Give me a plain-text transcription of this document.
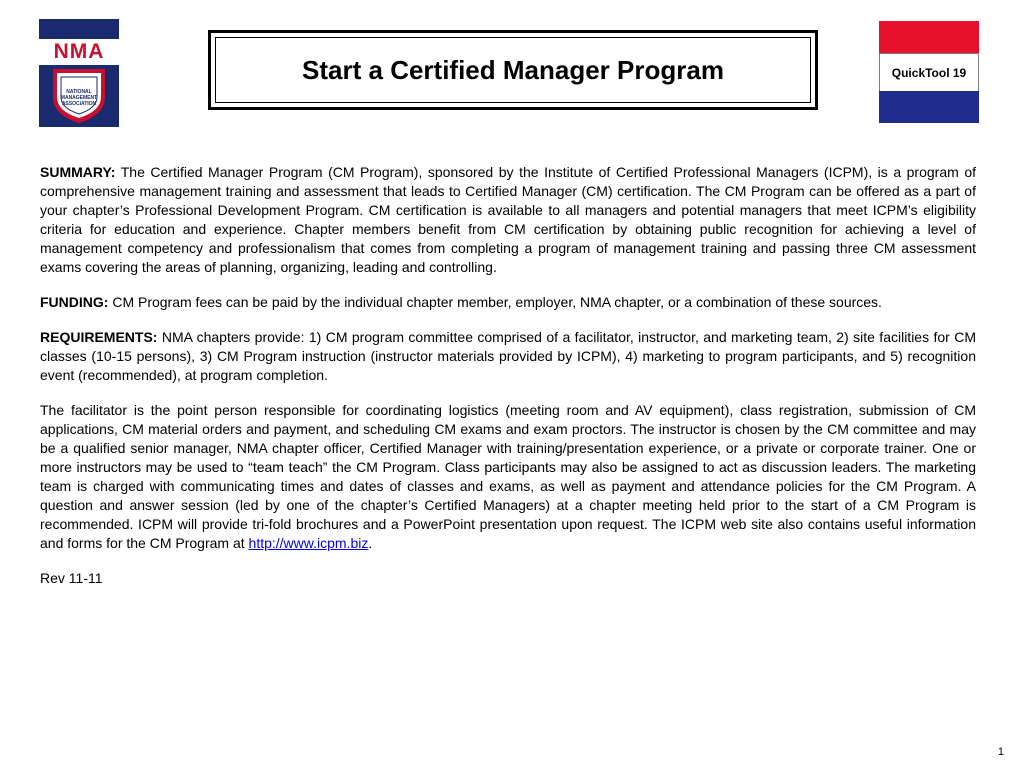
NMA
NATIONAL MANAGEMENT ASSOCIATION
Start a Certified Manager Program	QuickTool 19

SUMMARY: The Certified Manager Program (CM Program), sponsored by the Institute of Certified Professional Managers (ICPM), is a program of comprehensive management training and assessment that leads to Certified Manager (CM) certification. The CM Program can be offered as a part of your chapter’s Professional Development Program. CM certification is available to all managers and potential managers that meet ICPM’s eligibility criteria for education and experience. Chapter members benefit from CM certification by obtaining public recognition for achieving a level of management competency and professionalism that comes from completing a program of management training and passing three CM assessment exams covering the areas of planning, organizing, leading and controlling.

FUNDING: CM Program fees can be paid by the individual chapter member, employer, NMA chapter, or a combination of these sources.

REQUIREMENTS: NMA chapters provide: 1) CM program committee comprised of a facilitator, instructor, and marketing team, 2) site facilities for CM classes (10-15 persons), 3) CM Program instruction (instructor materials provided by ICPM), 4) marketing to program participants, and 5) recognition event (recommended), at program completion.

The facilitator is the point person responsible for coordinating logistics (meeting room and AV equipment), class registration, submission of CM applications, CM material orders and payment, and scheduling CM exams and exam proctors. The instructor is chosen by the CM committee and may be a qualified senior manager, NMA chapter officer, Certified Manager with training/presentation experience, or a private or corporate trainer. One or more instructors may be used to “team teach” the CM Program. Class participants may also be assigned to act as discussion leaders. The marketing team is charged with communicating times and dates of classes and exams, as well as payment and attendance policies for the CM Program. A question and answer session (led by one of the chapter’s Certified Managers) at a chapter meeting held prior to the start of a CM Program is recommended. ICPM will provide tri-fold brochures and a PowerPoint presentation upon request. The ICPM web site also contains useful information and forms for the CM Program at http://www.icpm.biz.

Rev 11-11

1
